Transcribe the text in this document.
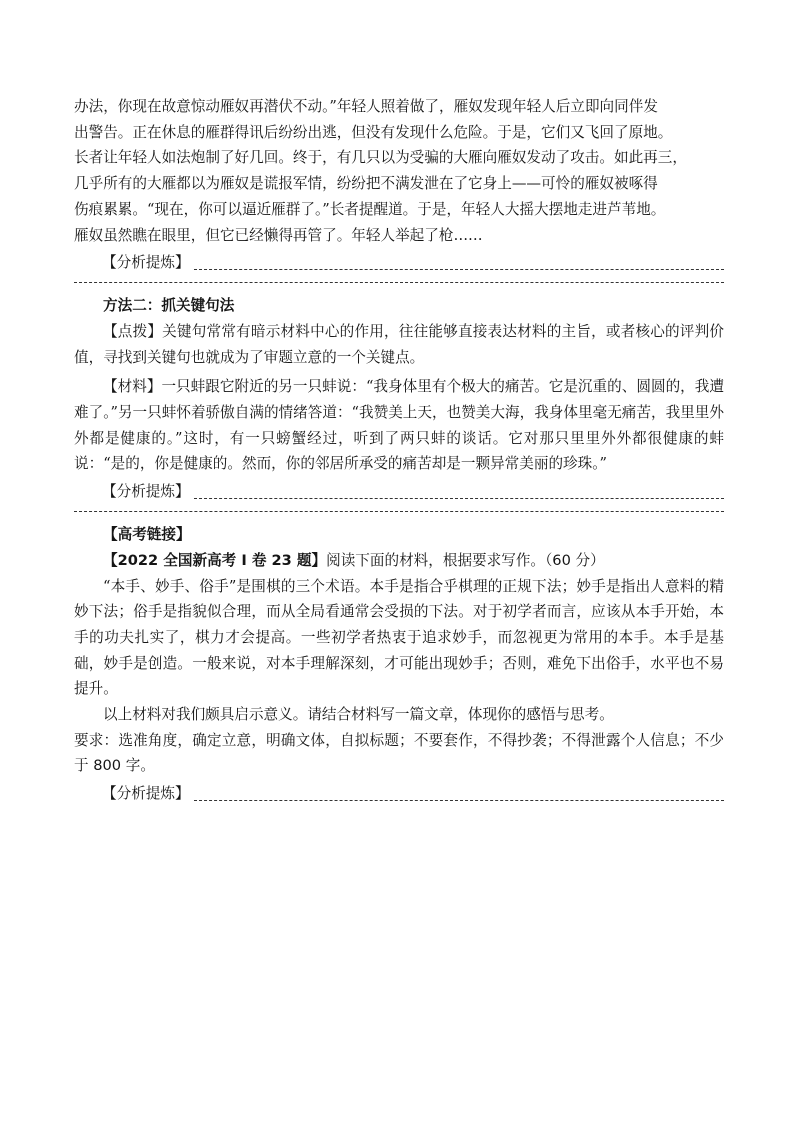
办法，你现在故意惊动雁奴再潜伏不动。”年轻人照着做了，雁奴发现年轻人后立即向同伴发

出警告。正在休息的雁群得讯后纷纷出逃，但没有发现什么危险。于是，它们又飞回了原地。

长者让年轻人如法炮制了好几回。终于，有几只以为受骗的大雁向雁奴发动了攻击。如此再三，

几乎所有的大雁都以为雁奴是谎报军情，纷纷把不满发泄在了它身上——可怜的雁奴被啄得

伤痕累累。“现在，你可以逼近雁群了。”长者提醒道。于是，年轻人大摇大摆地走进芦苇地。

雁奴虽然瞧在眼里，但它已经懒得再管了。年轻人举起了枪……

【分析提炼】

方法二：抓关键句法

【点拨】关键句常常有暗示材料中心的作用，往往能够直接表达材料的主旨，或者核心的评判价值，寻找到关键句也就成为了审题立意的一个关键点。

【材料】一只蚌跟它附近的另一只蚌说：“我身体里有个极大的痛苦。它是沉重的、圆圆的，我遭难了。”另一只蚌怀着骄傲自满的情绪答道：“我赞美上天，也赞美大海，我身体里毫无痛苦，我里里外外都是健康的。”这时，有一只螃蟹经过，听到了两只蚌的谈话。它对那只里里外外都很健康的蚌说：“是的，你是健康的。然而，你的邻居所承受的痛苦却是一颗异常美丽的珍珠。”

【分析提炼】

【高考链接】

【2022 全国新高考 I 卷 23 题】阅读下面的材料，根据要求写作。（60 分）

“本手、妙手、俗手”是围棋的三个术语。本手是指合乎棋理的正规下法；妙手是指出人意料的精妙下法；俗手是指貌似合理，而从全局看通常会受损的下法。对于初学者而言，应该从本手开始，本手的功夫扎实了，棋力才会提高。一些初学者热衷于追求妙手，而忽视更为常用的本手。本手是基础，妙手是创造。一般来说，对本手理解深刻，才可能出现妙手；否则，难免下出俗手，水平也不易提升。

以上材料对我们颇具启示意义。请结合材料写一篇文章，体现你的感悟与思考。

要求：选准角度，确定立意，明确文体，自拟标题；不要套作，不得抄袭；不得泄露个人信息；不少于 800 字。

【分析提炼】
